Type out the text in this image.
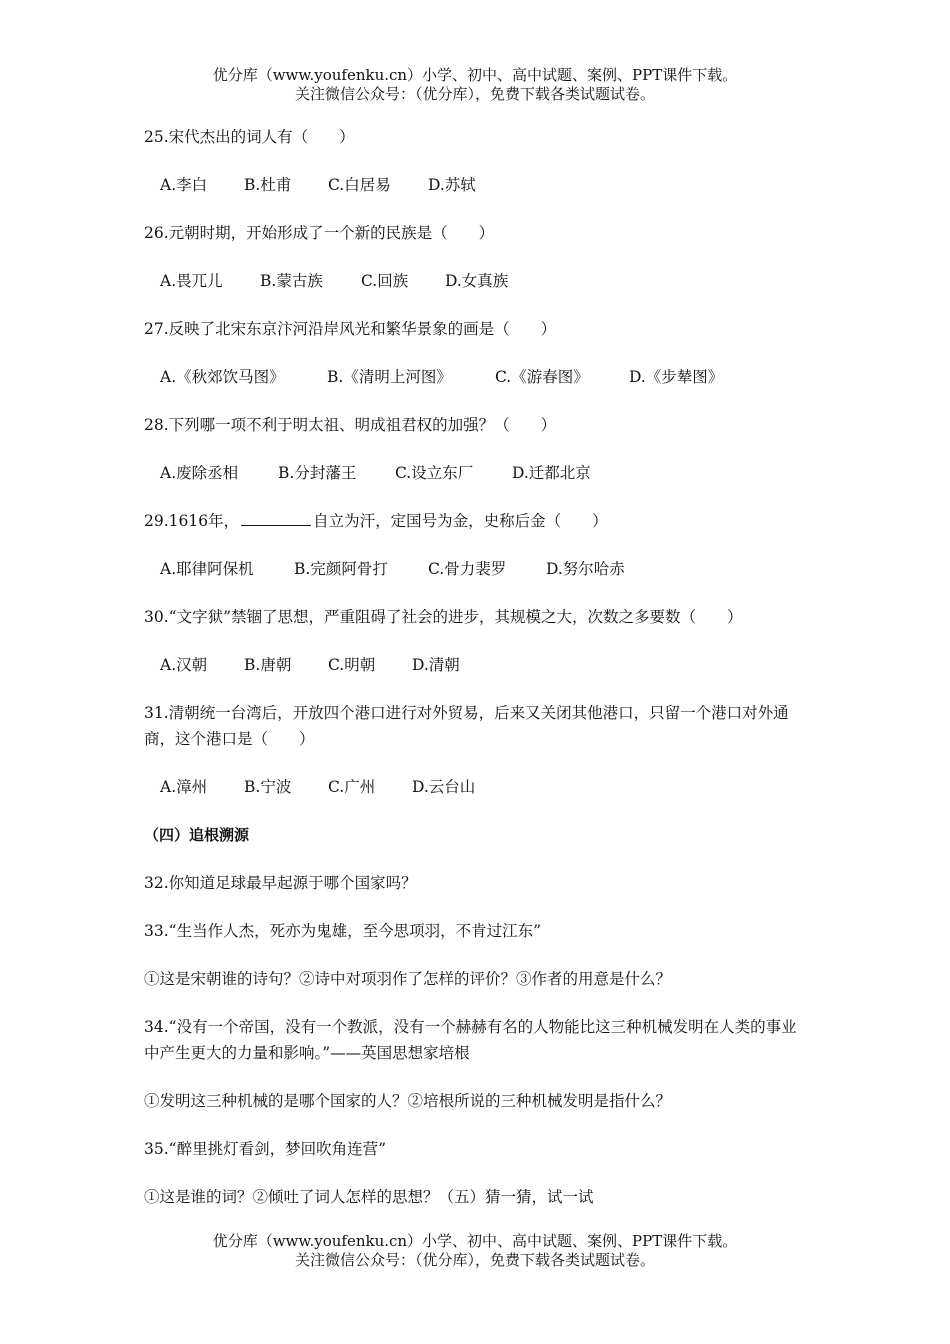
优分库（www.youfenku.cn）小学、初中、高中试题、案例、PPT课件下载。
关注微信公众号：（优分库），免费下载各类试题试卷。
25.宋代杰出的词人有（　　）
A.李白 B.杜甫 C.白居易 D.苏轼
26.元朝时期，开始形成了一个新的民族是（　　）
A.畏兀儿 B.蒙古族 C.回族 D.女真族
27.反映了北宋东京汴河沿岸风光和繁华景象的画是（　　）
A.《秋郊饮马图》	B.《清明上河图》	C.《游春图》	D.《步辇图》
28.下列哪一项不利于明太祖、明成祖君权的加强？（　　）
A.废除丞相	B.分封藩王 C.设立东厂	D.迁都北京
29.1616年，	自立为汗，定国号为金，史称后金（　　）
A.耶律阿保机	B.完颜阿骨打	C.骨力裴罗	D.努尔哈赤
30.“文字狱”禁锢了思想，严重阻碍了社会的进步，其规模之大，次数之多要数（　　）
A.汉朝 B.唐朝 C.明朝 D.清朝
31.清朝统一台湾后，开放四个港口进行对外贸易，后来又关闭其他港口，只留一个港口对外通商，这个港口是（　　）
A.漳州 B.宁波 C.广州 D.云台山
（四）追根溯源
32.你知道足球最早起源于哪个国家吗？
33.“生当作人杰，死亦为鬼雄，至今思项羽，不肯过江东”
①这是宋朝谁的诗句？②诗中对项羽作了怎样的评价？③作者的用意是什么？
34.“没有一个帝国，没有一个教派，没有一个赫赫有名的人物能比这三种机械发明在人类的事业中产生更大的力量和影响。”——英国思想家培根
①发明这三种机械的是哪个国家的人？②培根所说的三种机械发明是指什么？
35.“醉里挑灯看剑，梦回吹角连营”
①这是谁的词？②倾吐了词人怎样的思想？（五）猜一猜，试一试
优分库（www.youfenku.cn）小学、初中、高中试题、案例、PPT课件下载。
关注微信公众号：（优分库），免费下载各类试题试卷。
